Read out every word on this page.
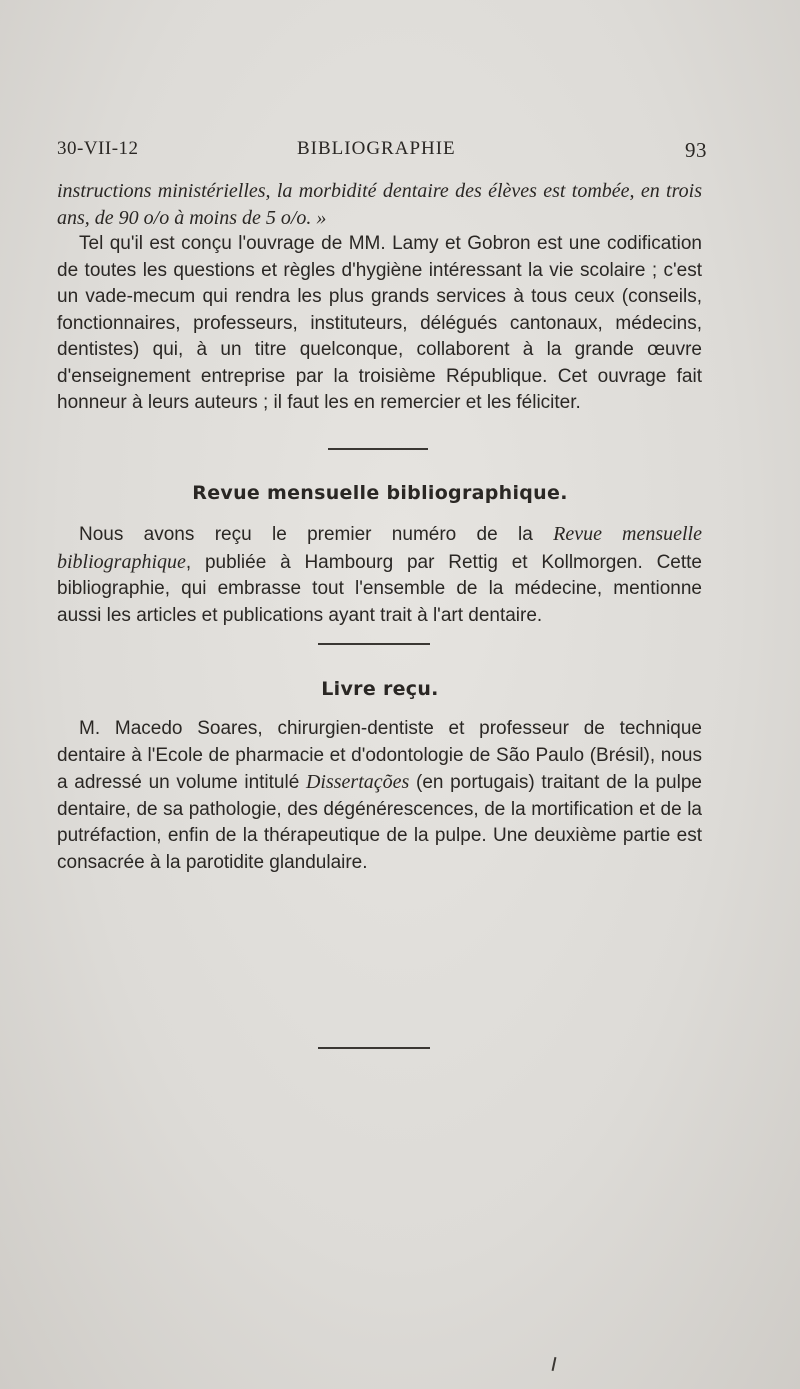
30-VII-12	BIBLIOGRAPHIE	93

instructions ministérielles, la morbidité dentaire des élèves est tombée, en trois ans, de 90 o/o à moins de 5 o/o. »

Tel qu'il est conçu l'ouvrage de MM. Lamy et Gobron est une codification de toutes les questions et règles d'hygiène intéressant la vie scolaire ; c'est un vade-mecum qui rendra les plus grands services à tous ceux (conseils, fonctionnaires, professeurs, instituteurs, délégués cantonaux, médecins, dentistes) qui, à un titre quelconque, collaborent à la grande œuvre d'enseignement entreprise par la troisième République. Cet ouvrage fait honneur à leurs auteurs ; il faut les en remercier et les féliciter.

Revue mensuelle bibliographique.

Nous avons reçu le premier numéro de la Revue mensuelle bibliographique, publiée à Hambourg par Rettig et Kollmorgen. Cette bibliographie, qui embrasse tout l'ensemble de la médecine, mentionne aussi les articles et publications ayant trait à l'art dentaire.

Livre reçu.

M. Macedo Soares, chirurgien-dentiste et professeur de technique dentaire à l'Ecole de pharmacie et d'odontologie de São Paulo (Brésil), nous a adressé un volume intitulé Dissertações (en portugais) traitant de la pulpe dentaire, de sa pathologie, des dégénérescences, de la mortification et de la putréfaction, enfin de la thérapeutique de la pulpe. Une deuxième partie est consacrée à la parotidite glandulaire.
